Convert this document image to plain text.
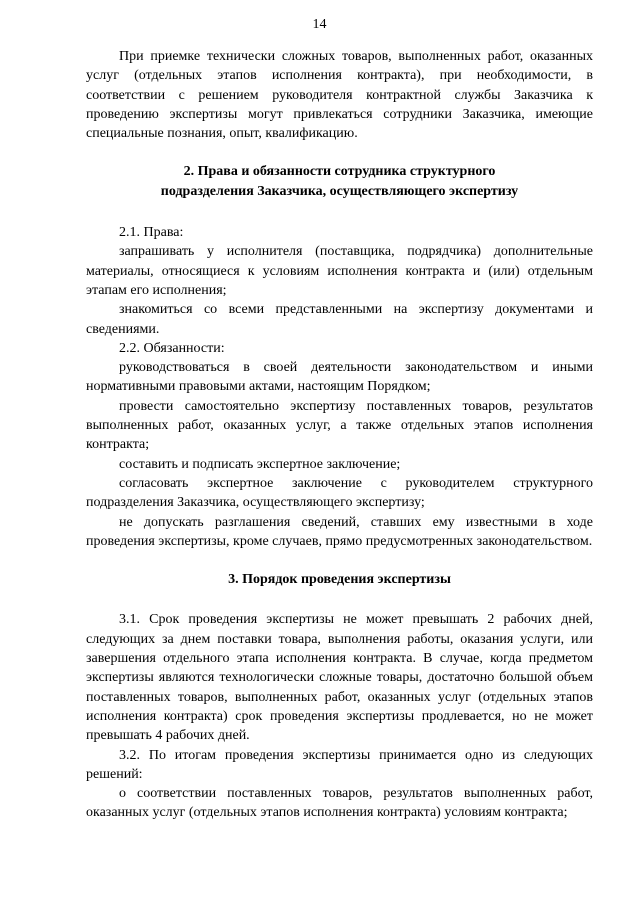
14

При приемке технически сложных товаров, выполненных работ, оказанных услуг (отдельных этапов исполнения контракта), при необходимости, в соответствии с решением руководителя контрактной службы Заказчика к проведению экспертизы могут привлекаться сотрудники Заказчика, имеющие специальные познания, опыт, квалификацию.

2. Права и обязанности сотрудника структурного
подразделения Заказчика, осуществляющего экспертизу

2.1. Права:

запрашивать у исполнителя (поставщика, подрядчика) дополнительные материалы, относящиеся к условиям исполнения контракта и (или) отдельным этапам его исполнения;

знакомиться со всеми представленными на экспертизу документами и сведениями.

2.2. Обязанности:

руководствоваться в своей деятельности законодательством и иными нормативными правовыми актами, настоящим Порядком;

провести самостоятельно экспертизу поставленных товаров, результатов выполненных работ, оказанных услуг, а также отдельных этапов исполнения контракта;

составить и подписать экспертное заключение;

согласовать экспертное заключение с руководителем структурного подразделения Заказчика, осуществляющего экспертизу;

не допускать разглашения сведений, ставших ему известными в ходе проведения экспертизы, кроме случаев, прямо предусмотренных законодательством.

3. Порядок проведения экспертизы

3.1. Срок проведения экспертизы не может превышать 2 рабочих дней, следующих за днем поставки товара, выполнения работы, оказания услуги, или завершения отдельного этапа исполнения контракта. В случае, когда предметом экспертизы являются технологически сложные товары, достаточно большой объем поставленных товаров, выполненных работ, оказанных услуг (отдельных этапов исполнения контракта) срок проведения экспертизы продлевается, но не может превышать 4 рабочих дней.

3.2. По итогам проведения экспертизы принимается одно из следующих решений:

о соответствии поставленных товаров, результатов выполненных работ, оказанных услуг (отдельных этапов исполнения контракта) условиям контракта;
